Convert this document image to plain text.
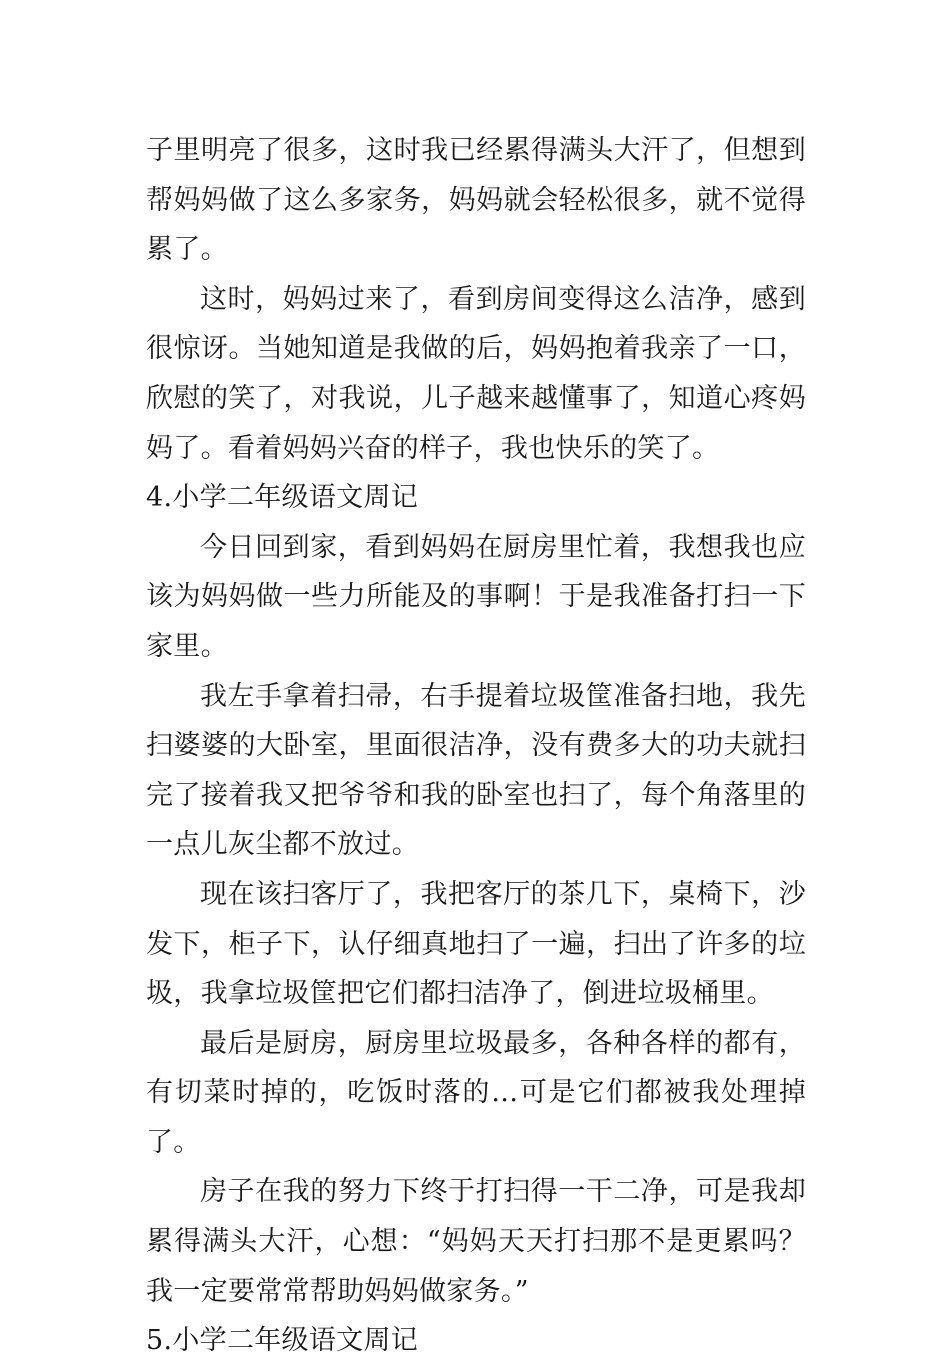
子里明亮了很多，这时我已经累得满头大汗了，但想到帮妈妈做了这么多家务，妈妈就会轻松很多，就不觉得累了。

这时，妈妈过来了，看到房间变得这么洁净，感到很惊讶。当她知道是我做的后，妈妈抱着我亲了一口，欣慰的笑了，对我说，儿子越来越懂事了，知道心疼妈妈了。看着妈妈兴奋的样子，我也快乐的笑了。

4.小学二年级语文周记

今日回到家，看到妈妈在厨房里忙着，我想我也应该为妈妈做一些力所能及的事啊！于是我准备打扫一下家里。

我左手拿着扫帚，右手提着垃圾筐准备扫地，我先扫婆婆的大卧室，里面很洁净，没有费多大的功夫就扫完了接着我又把爷爷和我的卧室也扫了，每个角落里的一点儿灰尘都不放过。

现在该扫客厅了，我把客厅的茶几下，桌椅下，沙发下，柜子下，认仔细真地扫了一遍，扫出了许多的垃圾，我拿垃圾筐把它们都扫洁净了，倒进垃圾桶里。

最后是厨房，厨房里垃圾最多，各种各样的都有，有切菜时掉的，吃饭时落的…可是它们都被我处理掉了。

房子在我的努力下终于打扫得一干二净，可是我却累得满头大汗，心想：“妈妈天天打扫那不是更累吗？我一定要常常帮助妈妈做家务。”

5.小学二年级语文周记
